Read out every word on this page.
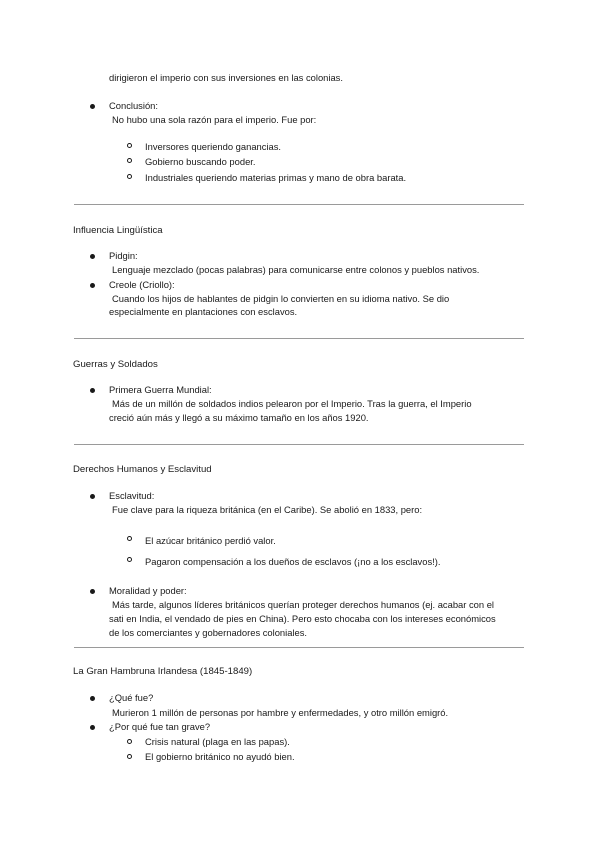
dirigieron el imperio con sus inversiones en las colonias.
Conclusión:
No hubo una sola razón para el imperio. Fue por:
Inversores queriendo ganancias.
Gobierno buscando poder.
Industriales queriendo materias primas y mano de obra barata.
Influencia Lingüística
Pidgin:
Lenguaje mezclado (pocas palabras) para comunicarse entre colonos y pueblos nativos.
Creole (Criollo):
Cuando los hijos de hablantes de pidgin lo convierten en su idioma nativo. Se dio
especialmente en plantaciones con esclavos.
Guerras y Soldados
Primera Guerra Mundial:
Más de un millón de soldados indios pelearon por el Imperio. Tras la guerra, el Imperio
creció aún más y llegó a su máximo tamaño en los años 1920.
Derechos Humanos y Esclavitud
Esclavitud:
Fue clave para la riqueza británica (en el Caribe). Se abolió en 1833, pero:
El azúcar británico perdió valor.
Pagaron compensación a los dueños de esclavos (¡no a los esclavos!).
Moralidad y poder:
Más tarde, algunos líderes británicos querían proteger derechos humanos (ej. acabar con el
sati en India, el vendado de pies en China). Pero esto chocaba con los intereses económicos
de los comerciantes y gobernadores coloniales.
La Gran Hambruna Irlandesa (1845-1849)
¿Qué fue?
Murieron 1 millón de personas por hambre y enfermedades, y otro millón emigró.
¿Por qué fue tan grave?
Crisis natural (plaga en las papas).
El gobierno británico no ayudó bien.
